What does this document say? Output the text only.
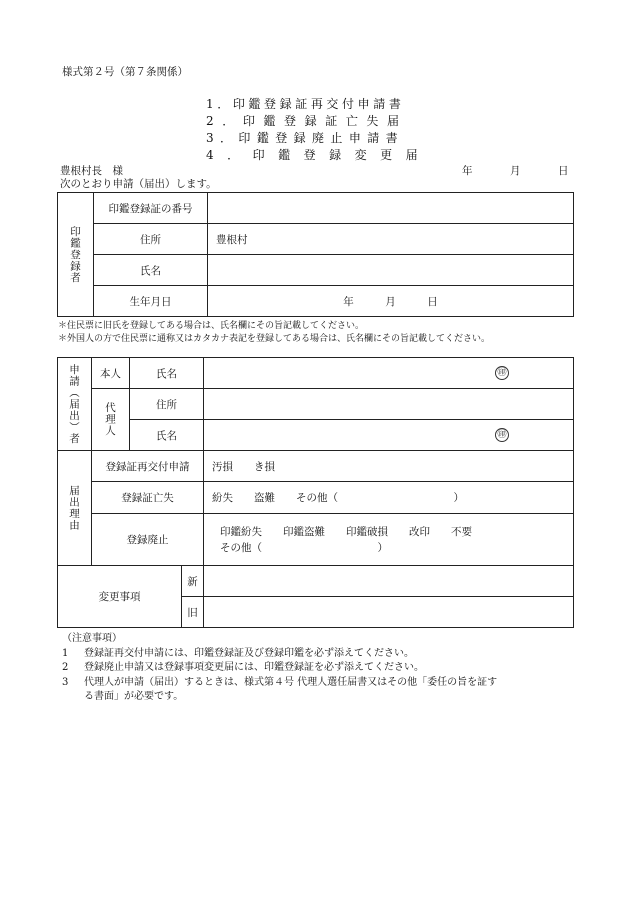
様式第２号（第７条関係）
1．印鑑登録証再交付申請書
2．印鑑登録証亡失届
3．印鑑登録廃止申請書
4．印鑑登録変更届
豊根村長　様	年	月	日
次のとおり申請（届出）します。
印鑑登録者	印鑑登録証の番号	
	住所	豊根村
	氏名	
	生年月日	年　　　月　　　日
＊住民票に旧氏を登録してある場合は、氏名欄にその旨記載してください。
＊外国人の方で住民票に通称又はカタカナ表記を登録してある場合は、氏名欄にその旨記載してください。
申請（届出）者	本人	氏名		㊞

	代理人	住所		
		氏名		㊞

届出理由	登録証再交付申請			汚損　　き損
	登録証亡失			紛失　　盗難　　その他（　　　　　　　　　　　）
	登録廃止			印鑑紛失　　印鑑盗難　　印鑑破損　　改印　　不要
その他（　　　　　　　　　　　）

変更事項			新	
			旧	
（注意事項）
1 登録証再交付申請には、印鑑登録証及び登録印鑑を必ず添えてください。
2 登録廃止申請又は登録事項変更届には、印鑑登録証を必ず添えてください。
3 代理人が申請（届出）するときは、様式第４号 代理人選任届書又はその他「委任の旨を証す
る書面」が必要です。
